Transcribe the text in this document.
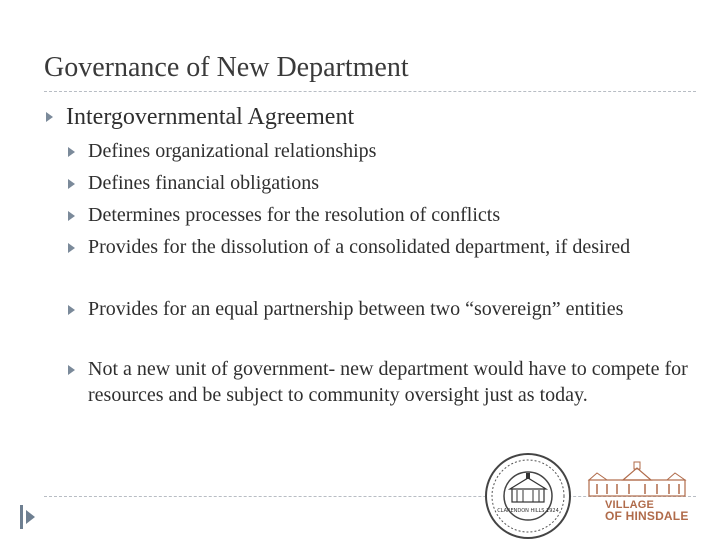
Governance of New Department
Intergovernmental Agreement
Defines organizational relationships
Defines financial obligations
Determines processes for the resolution of conflicts
Provides for the dissolution of a consolidated department, if desired
Provides for an equal partnership between two “sovereign” entities
Not a new unit of government- new department would have to compete for resources and be subject to community oversight just as today.
CLARENDON HILLS 1924	VILLAGE
OF HINSDALE
